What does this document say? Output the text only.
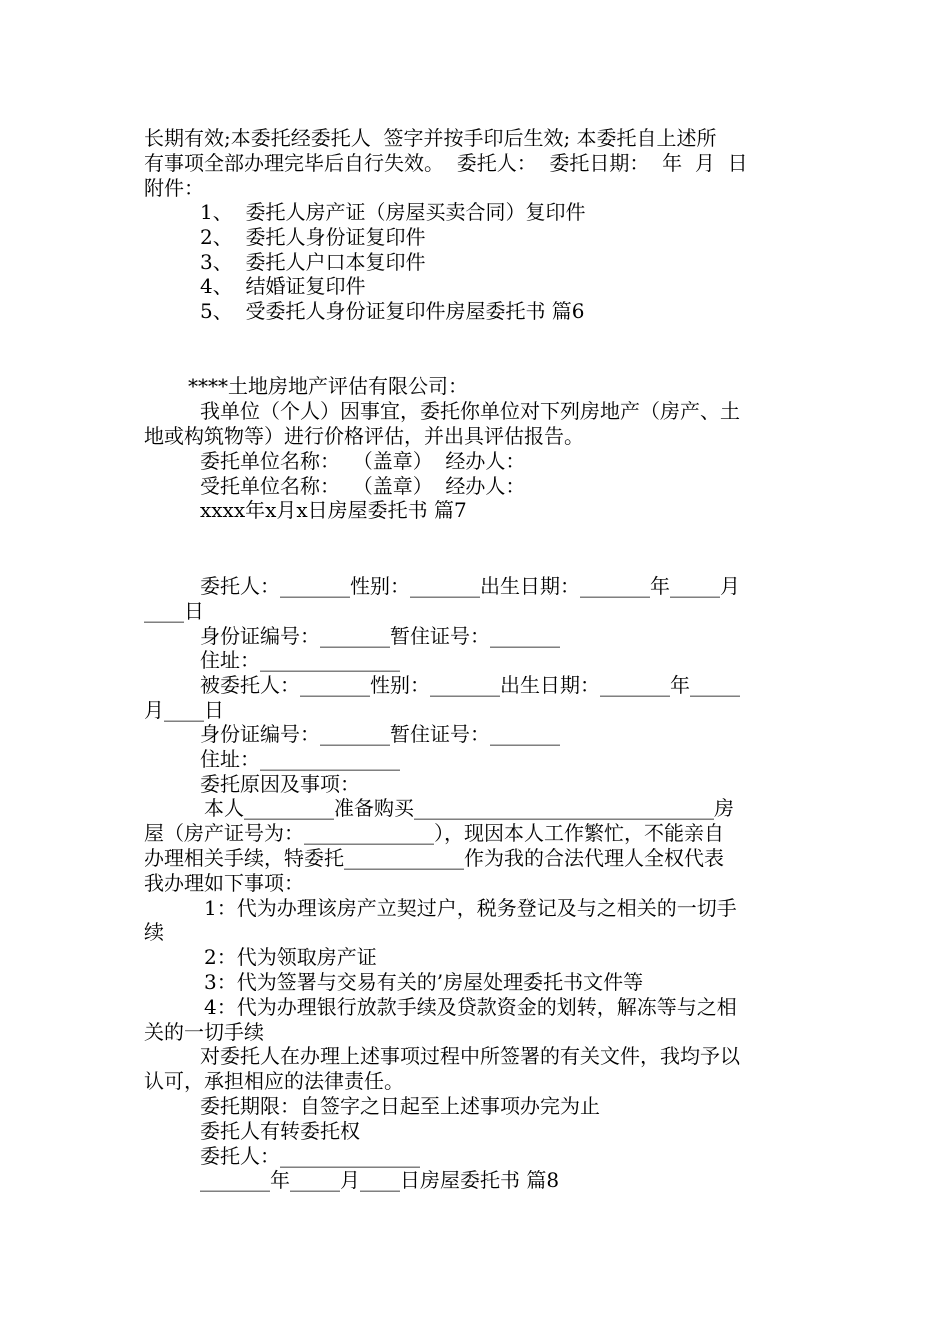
长期有效;本委托经委托人  签字并按手印后生效; 本委托自上述所
有事项全部办理完毕后自行失效。  委托人：  委托日期：  年  月  日
附件：
1、  委托人房产证（房屋买卖合同）复印件
2、  委托人身份证复印件
3、  委托人户口本复印件
4、  结婚证复印件
5、  受委托人身份证复印件房屋委托书 篇6
****土地房地产评估有限公司：
我单位（个人）因事宜，委托你单位对下列房地产（房产、土
地或构筑物等）进行价格评估，并出具评估报告。
委托单位名称：  （盖章）  经办人：
受托单位名称：  （盖章）  经办人：
xxxx年x月x日房屋委托书 篇7
委托人：_______性别：_______出生日期：_______年_____月
____日
身份证编号：_______暂住证号：_______
住址：______________
被委托人：_______性别：_______出生日期：_______年_____
月____日
身份证编号：_______暂住证号：_______
住址：______________
委托原因及事项：
本人_________准备购买______________________________房
屋（房产证号为：_____________），现因本人工作繁忙，不能亲自
办理相关手续，特委托____________作为我的合法代理人全权代表
我办理如下事项：
1：代为办理该房产立契过户，税务登记及与之相关的一切手
续
2：代为领取房产证
3：代为签署与交易有关的’房屋处理委托书文件等
4：代为办理银行放款手续及贷款资金的划转，解冻等与之相
关的一切手续
对委托人在办理上述事项过程中所签署的有关文件，我均予以
认可，承担相应的法律责任。
委托期限：自签字之日起至上述事项办完为止
委托人有转委托权
委托人：______________
_______年_____月____日房屋委托书 篇8
